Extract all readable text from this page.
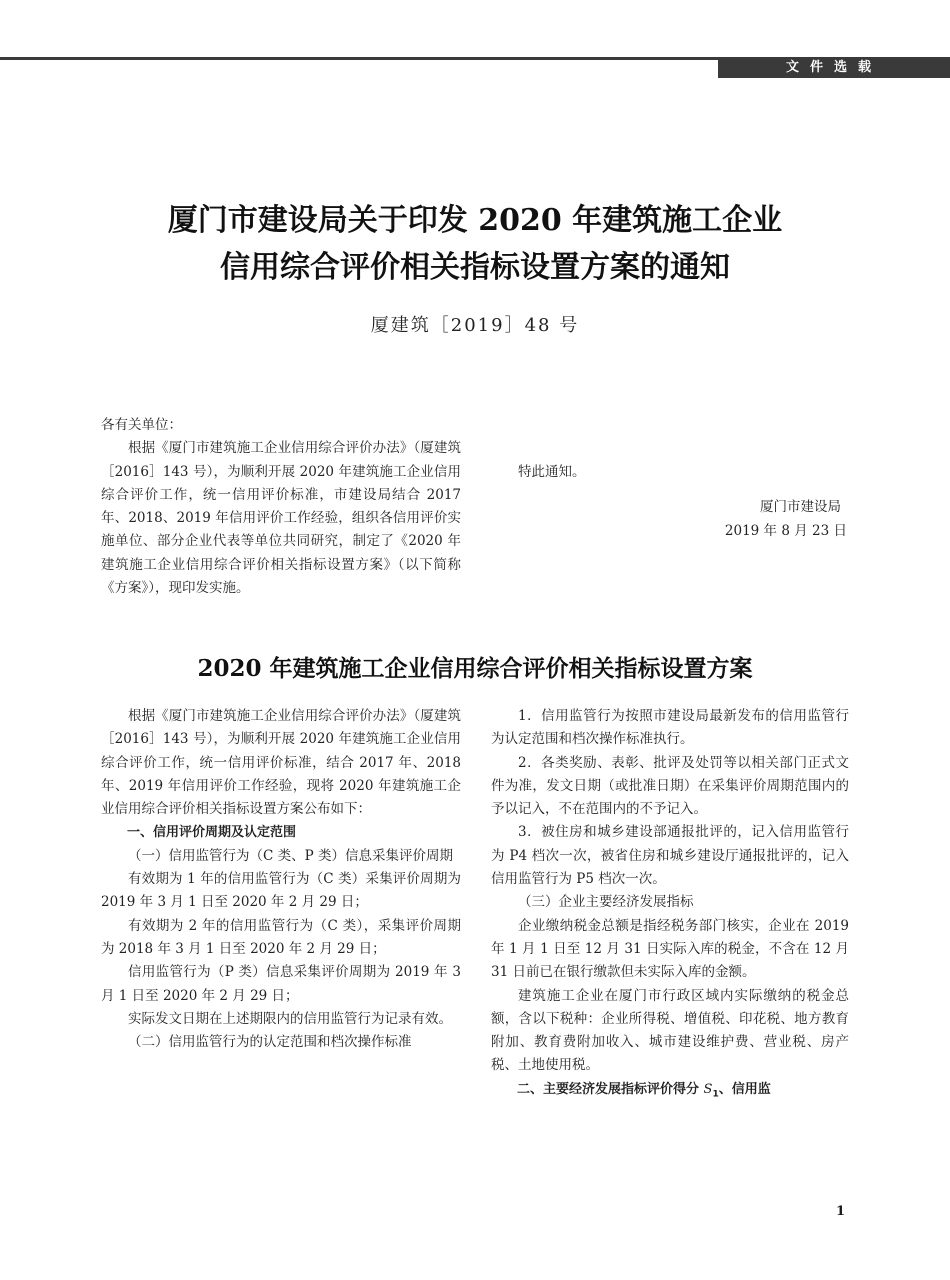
文件选载
厦门市建设局关于印发 2020 年建筑施工企业
信用综合评价相关指标设置方案的通知
厦建筑［2019］48 号

各有关单位：

根据《厦门市建筑施工企业信用综合评价办法》（厦建筑［2016］143 号），为顺利开展 2020 年建筑施工企业信用综合评价工作，统一信用评价标准，市建设局结合 2017 年、2018、2019 年信用评价工作经验，组织各信用评价实施单位、部分企业代表等单位共同研究，制定了《2020 年建筑施工企业信用综合评价相关指标设置方案》（以下简称《方案》），现印发实施。

特此通知。

厦门市建设局

2019 年 8 月 23 日

2020 年建筑施工企业信用综合评价相关指标设置方案

根据《厦门市建筑施工企业信用综合评价办法》（厦建筑［2016］143 号），为顺利开展 2020 年建筑施工企业信用综合评价工作，统一信用评价标准，结合 2017 年、2018 年、2019 年信用评价工作经验，现将 2020 年建筑施工企业信用综合评价相关指标设置方案公布如下：

一、信用评价周期及认定范围

（一）信用监管行为（C 类、P 类）信息采集评价周期

有效期为 1 年的信用监管行为（C 类）采集评价周期为 2019 年 3 月 1 日至 2020 年 2 月 29 日；

有效期为 2 年的信用监管行为（C 类），采集评价周期为 2018 年 3 月 1 日至 2020 年 2 月 29 日；

信用监管行为（P 类）信息采集评价周期为 2019 年 3 月 1 日至 2020 年 2 月 29 日；

实际发文日期在上述期限内的信用监管行为记录有效。

（二）信用监管行为的认定范围和档次操作标准

1．信用监管行为按照市建设局最新发布的信用监管行为认定范围和档次操作标准执行。

2．各类奖励、表彰、批评及处罚等以相关部门正式文件为准，发文日期（或批准日期）在采集评价周期范围内的予以记入，不在范围内的不予记入。

3．被住房和城乡建设部通报批评的，记入信用监管行为 P4 档次一次，被省住房和城乡建设厅通报批评的，记入信用监管行为 P5 档次一次。

（三）企业主要经济发展指标

企业缴纳税金总额是指经税务部门核实，企业在 2019 年 1 月 1 日至 12 月 31 日实际入库的税金，不含在 12 月 31 日前已在银行缴款但未实际入库的金额。

建筑施工企业在厦门市行政区域内实际缴纳的税金总额，含以下税种：企业所得税、增值税、印花税、地方教育附加、教育费附加收入、城市建设维护费、营业税、房产税、土地使用税。

二、主要经济发展指标评价得分 $S_1$、信用监

1
